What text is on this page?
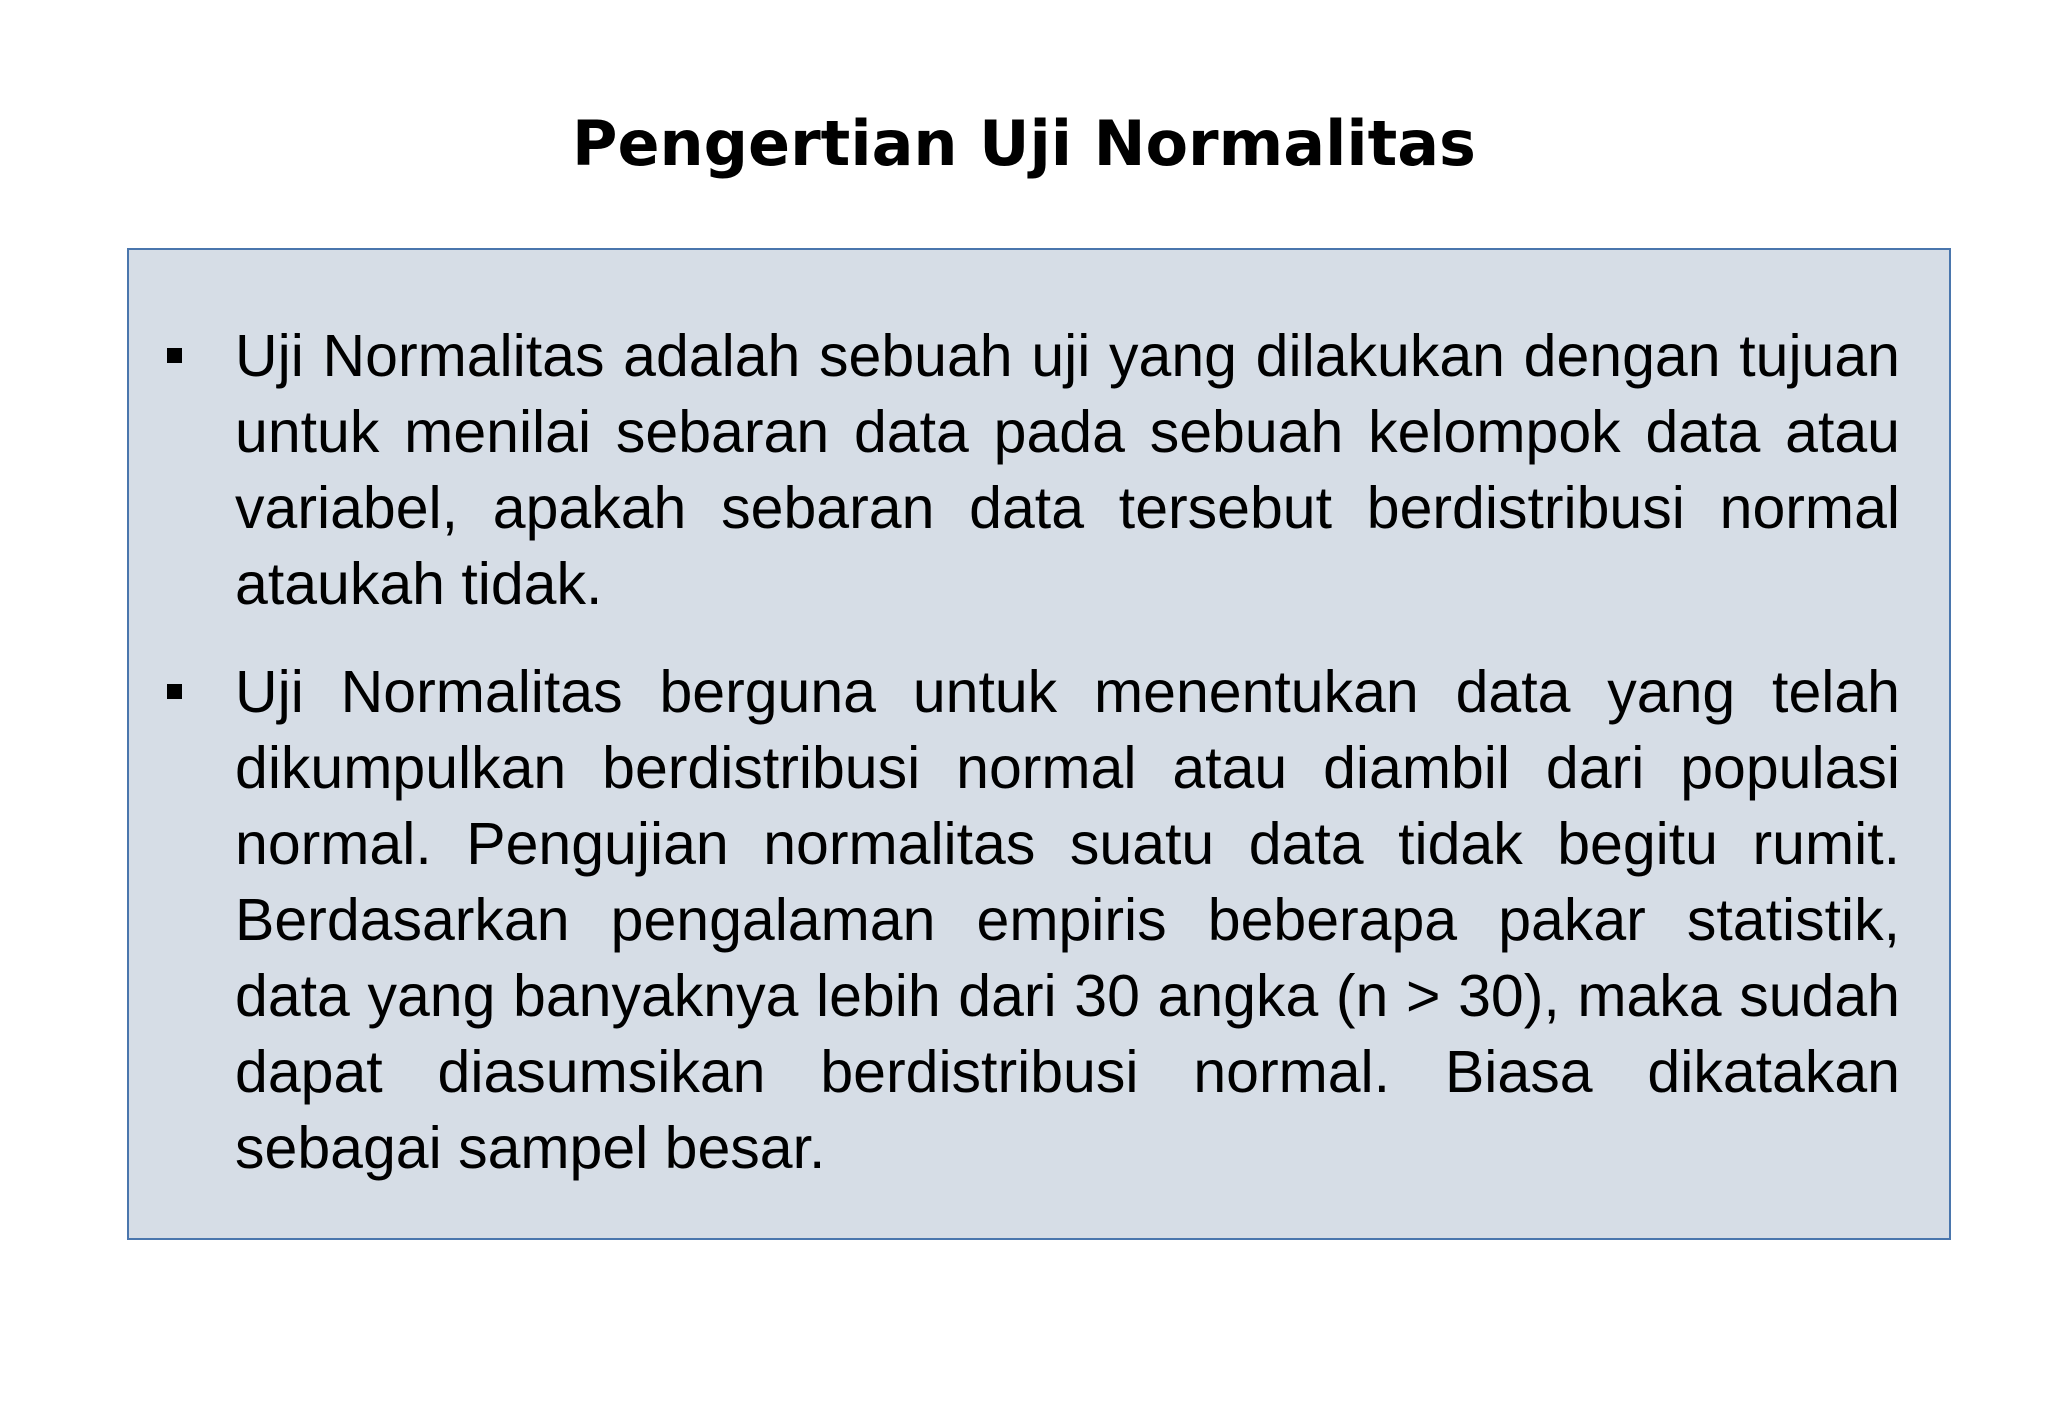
Pengertian Uji Normalitas

Uji Normalitas adalah sebuah uji yang dilakukan dengan tujuan untuk menilai sebaran data pada sebuah kelompok data atau variabel, apakah sebaran data tersebut berdistribusi normal ataukah tidak.

Uji Normalitas berguna untuk menentukan data yang telah dikumpulkan berdistribusi normal atau diambil dari populasi normal. Pengujian normalitas suatu data tidak begitu rumit. Berdasarkan pengalaman empiris beberapa pakar statistik, data yang banyaknya lebih dari 30 angka (n > 30), maka sudah dapat diasumsikan berdistribusi normal. Biasa dikatakan sebagai sampel besar.
